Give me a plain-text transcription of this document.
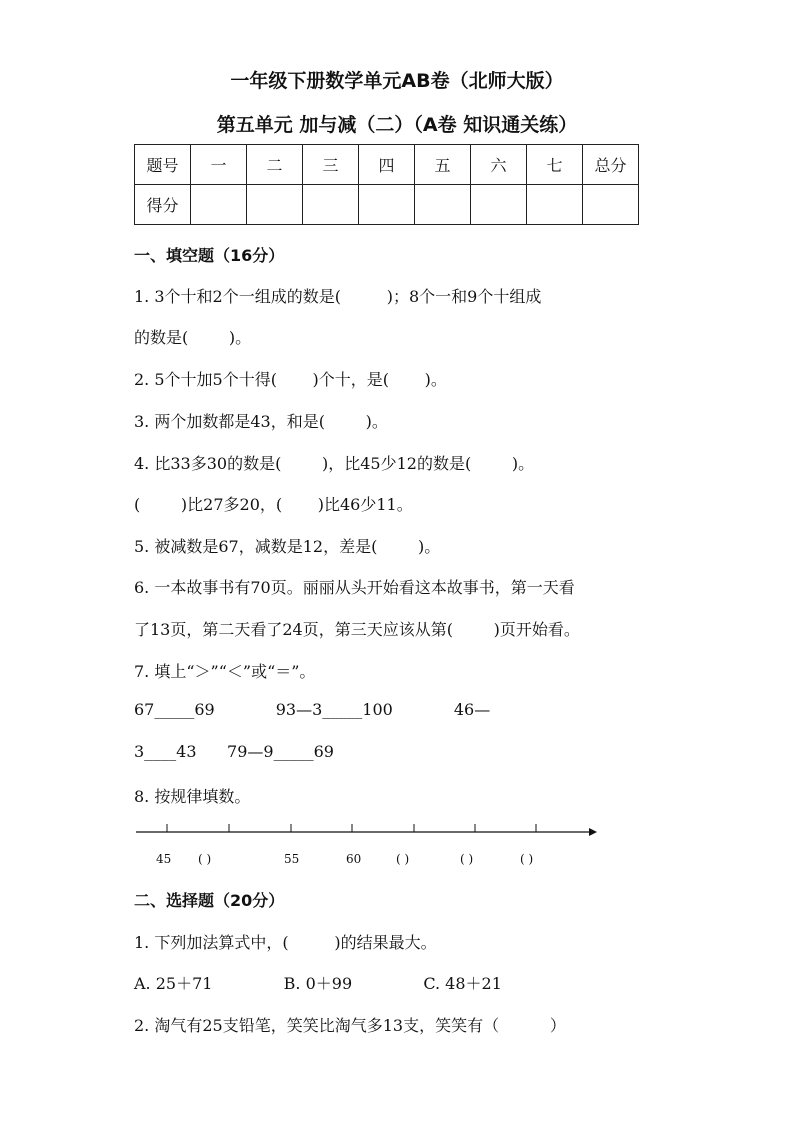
一年级下册数学单元AB卷（北师大版）
第五单元 加与减（二）（A卷 知识通关练）
题号	一	二	三	四	五	六	七	总分
得分								
一、填空题（16分）
1. 3个十和2个一组成的数是(         )；8个一和9个十组成
的数是(        )。
2. 5个十加5个十得(       )个十，是(       )。
3. 两个加数都是43，和是(        )。
4. 比33多30的数是(        )，比45少12的数是(        )。
(        )比27多20，(       )比46少11。
5. 被减数是67，减数是12，差是(        )。
6. 一本故事书有70页。丽丽从头开始看这本故事书，第一天看
了13页，第二天看了24页，第三天应该从第(        )页开始看。
7. 填上“＞”“＜”或“＝”。
67_____69            93—3_____100            46—
3____43      79—9_____69
8. 按规律填数。
45 ( )	55	60	( )	( )	( )
二、选择题（20分）
1. 下列加法算式中，(         )的结果最大。
A. 25＋71              B. 0＋99              C. 48＋21
2. 淘气有25支铅笔，笑笑比淘气多13支，笑笑有（          ）
